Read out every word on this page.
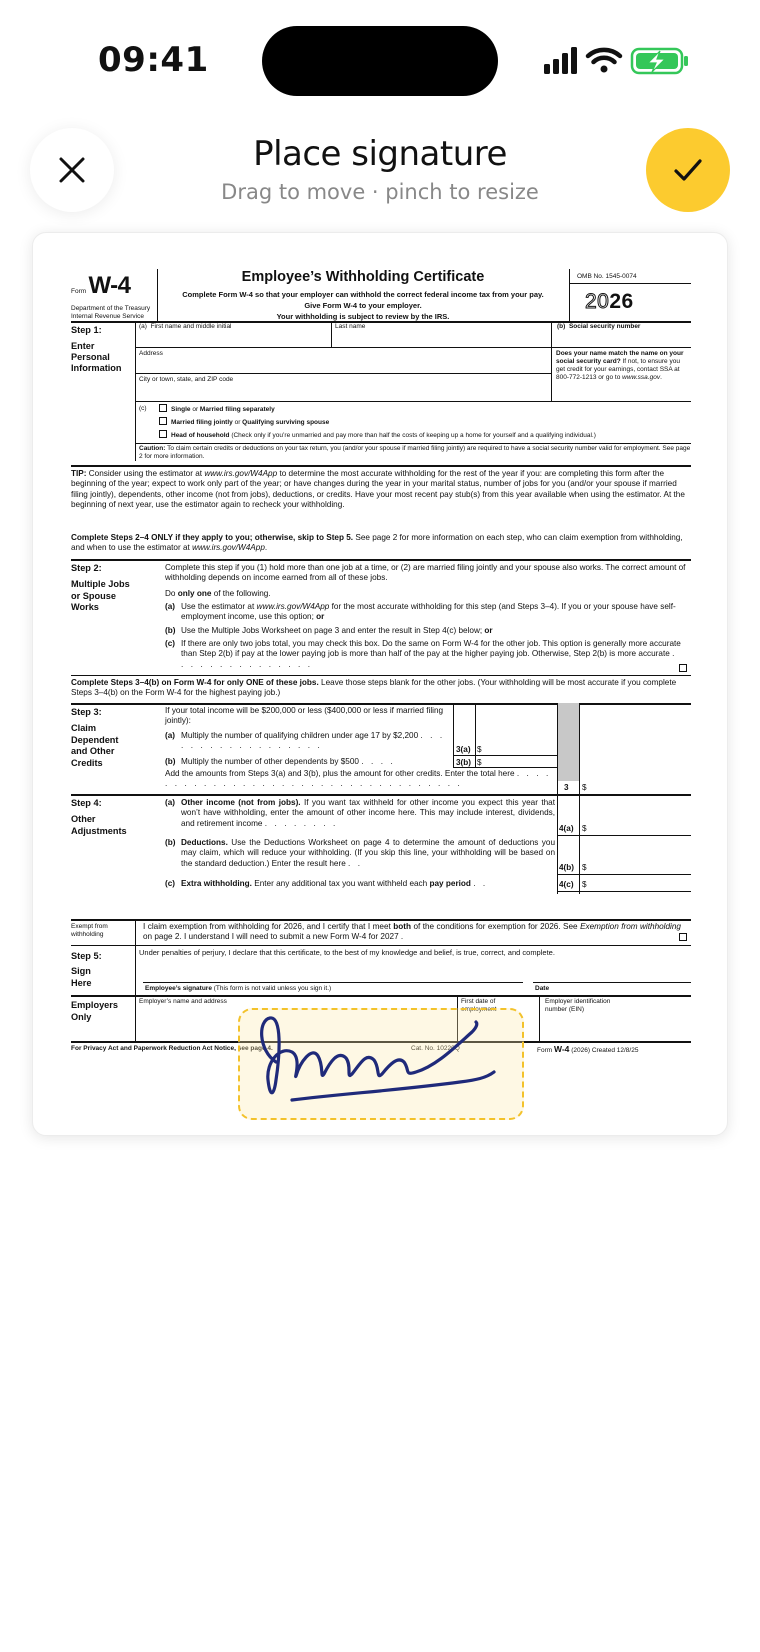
09:41
Place signature
Drag to move · pinch to resize
Form W-4
Department of the Treasury
Internal Revenue Service
Employee’s Withholding Certificate
Complete Form W-4 so that your employer can withhold the correct federal income tax from your pay.
Give Form W-4 to your employer.
Your withholding is subject to review by the IRS.
OMB No. 1545-0074
2026
Step 1:
Enter
Personal
Information
(a) First name and middle initial	Last name	(b) Social security number
Address
City or town, state, and ZIP code
Does your name match the name on your social security card? If not, to ensure you get credit for your earnings, contact SSA at 800-772-1213 or go to www.ssa.gov.
(c)	Single or Married filing separately
Married filing jointly or Qualifying surviving spouse
Head of household (Check only if you’re unmarried and pay more than half the costs of keeping up a home for yourself and a qualifying individual.)
Caution: To claim certain credits or deductions on your tax return, you (and/or your spouse if married filing jointly) are required to have a social security number valid for employment. See page 2 for more information.
TIP: Consider using the estimator at www.irs.gov/W4App to determine the most accurate withholding for the rest of the year if you: are completing this form after the beginning of the year; expect to work only part of the year; or have changes during the year in your marital status, number of jobs for you (and/or your spouse if married filing jointly), dependents, other income (not from jobs), deductions, or credits. Have your most recent pay stub(s) from this year available when using the estimator. At the beginning of next year, use the estimator again to recheck your withholding.
Complete Steps 2–4 ONLY if they apply to you; otherwise, skip to Step 5. See page 2 for more information on each step, who can claim exemption from withholding, and when to use the estimator at www.irs.gov/W4App.
Step 2:
Multiple Jobs
or Spouse
Works
Complete this step if you (1) hold more than one job at a time, or (2) are married filing jointly and your spouse also works. The correct amount of withholding depends on income earned from all of these jobs.
Do only one of the following.
(a) Use the estimator at www.irs.gov/W4App for the most accurate withholding for this step (and Steps 3–4). If you or your spouse have self-employment income, use this option; or
(b) Use the Multiple Jobs Worksheet on page 3 and enter the result in Step 4(c) below; or
(c) If there are only two jobs total, you may check this box. Do the same on Form W-4 for the other job. This option is generally more accurate than Step 2(b) if pay at the lower paying job is more than half of the pay at the higher paying job. Otherwise, Step 2(b) is more accurate . . . . . . . . . . . . . . .
Complete Steps 3–4(b) on Form W-4 for only ONE of these jobs. Leave those steps blank for the other jobs. (Your withholding will be most accurate if you complete Steps 3–4(b) on the Form W-4 for the highest paying job.)
Step 3:
Claim
Dependent
and Other
Credits
If your total income will be $200,000 or less ($400,000 or less if married filing jointly):
(a) Multiply the number of qualifying children under age 17 by $2,200 . . . . . . . . . . . . . . . . . .	3(a) $
(b) Multiply the number of other dependents by $500 . . . .	3(b) $
Add the amounts from Steps 3(a) and 3(b), plus the amount for other credits. Enter the total here . . . . . . . . . . . . . . . . . . . . . . . . . . . . . . . . . . .	3 $
Step 4:
Other
Adjustments
(a) Other income (not from jobs). If you want tax withheld for other income you expect this year that won’t have withholding, enter the amount of other income here. This may include interest, dividends, and retirement income . . . . . . . .
4(a) $
(b) Deductions. Use the Deductions Worksheet on page 4 to determine the amount of deductions you may claim, which will reduce your withholding. (If you skip this line, your withholding will be based on the standard deduction.) Enter the result here . .	4(b) $
(c) Extra withholding. Enter any additional tax you want withheld each pay period . .	4(c) $
Exempt from
withholding
I claim exemption from withholding for 2026, and I certify that I meet both of the conditions for exemption for 2026. See Exemption from withholding on page 2. I understand I will need to submit a new Form W-4 for 2027 .
Step 5:
Sign
Here
Under penalties of perjury, I declare that this certificate, to the best of my knowledge and belief, is true, correct, and complete.
Employee’s signature (This form is not valid unless you sign it.)	Date
Employers
Only
Employer’s name and address	First date of
employment
Employer identification
number (EIN)
For Privacy Act and Paperwork Reduction Act Notice, see page 4.	Cat. No. 10220Q	Form W-4 (2026) Created 12/8/25
